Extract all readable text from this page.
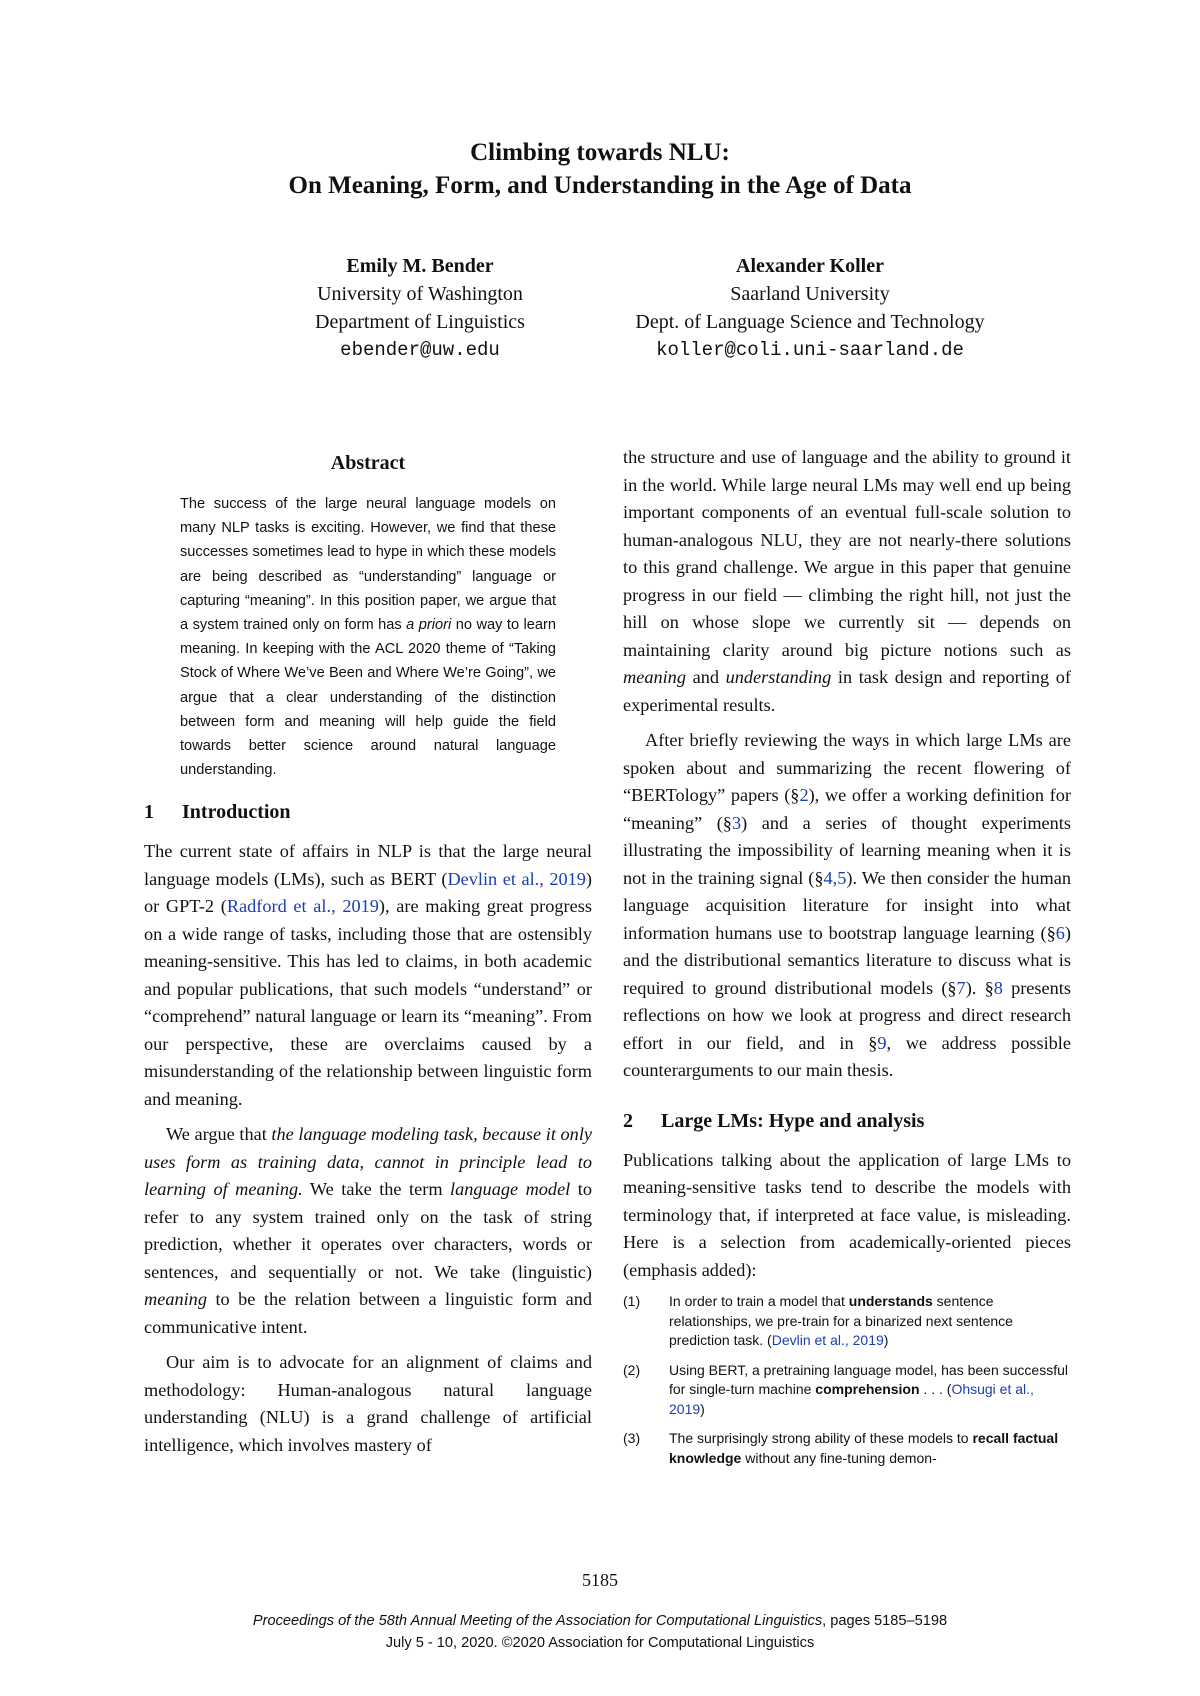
Climbing towards NLU:
On Meaning, Form, and Understanding in the Age of Data
Emily M. Bender
University of Washington
Department of Linguistics
ebender@uw.edu
Alexander Koller
Saarland University
Dept. of Language Science and Technology
koller@coli.uni-saarland.de
Abstract
The success of the large neural language models on many NLP tasks is exciting. However, we find that these successes sometimes lead to hype in which these models are being described as “understanding” language or capturing “meaning”. In this position paper, we argue that a system trained only on form has a priori no way to learn meaning. In keeping with the ACL 2020 theme of “Taking Stock of Where We’ve Been and Where We’re Going”, we argue that a clear understanding of the distinction between form and meaning will help guide the field towards better science around natural language understanding.
1 Introduction

The current state of affairs in NLP is that the large neural language models (LMs), such as BERT (Devlin et al., 2019) or GPT-2 (Radford et al., 2019), are making great progress on a wide range of tasks, including those that are ostensibly meaning-sensitive. This has led to claims, in both academic and popular publications, that such models “understand” or “comprehend” natural language or learn its “meaning”. From our perspective, these are overclaims caused by a misunderstanding of the relationship between linguistic form and meaning.

We argue that the language modeling task, because it only uses form as training data, cannot in principle lead to learning of meaning. We take the term language model to refer to any system trained only on the task of string prediction, whether it operates over characters, words or sentences, and sequentially or not. We take (linguistic) meaning to be the relation between a linguistic form and communicative intent.

Our aim is to advocate for an alignment of claims and methodology: Human-analogous natural language understanding (NLU) is a grand challenge of artificial intelligence, which involves mastery of

the structure and use of language and the ability to ground it in the world. While large neural LMs may well end up being important components of an eventual full-scale solution to human-analogous NLU, they are not nearly-there solutions to this grand challenge. We argue in this paper that genuine progress in our field — climbing the right hill, not just the hill on whose slope we currently sit — depends on maintaining clarity around big picture notions such as meaning and understanding in task design and reporting of experimental results.

After briefly reviewing the ways in which large LMs are spoken about and summarizing the recent flowering of “BERTology” papers (§2), we offer a working definition for “meaning” (§3) and a series of thought experiments illustrating the impossibility of learning meaning when it is not in the training signal (§4,5). We then consider the human language acquisition literature for insight into what information humans use to bootstrap language learning (§6) and the distributional semantics literature to discuss what is required to ground distributional models (§7). §8 presents reflections on how we look at progress and direct research effort in our field, and in §9, we address possible counterarguments to our main thesis.

2 Large LMs: Hype and analysis

Publications talking about the application of large LMs to meaning-sensitive tasks tend to describe the models with terminology that, if interpreted at face value, is misleading. Here is a selection from academically-oriented pieces (emphasis added):

(1)	In order to train a model that understands sentence relationships, we pre-train for a binarized next sentence prediction task. (Devlin et al., 2019)
(2)	Using BERT, a pretraining language model, has been successful for single-turn machine comprehension . . . (Ohsugi et al., 2019)
(3)	The surprisingly strong ability of these models to recall factual knowledge without any fine-tuning demon-
5185
Proceedings of the 58th Annual Meeting of the Association for Computational Linguistics, pages 5185–5198
July 5 - 10, 2020. ©2020 Association for Computational Linguistics
